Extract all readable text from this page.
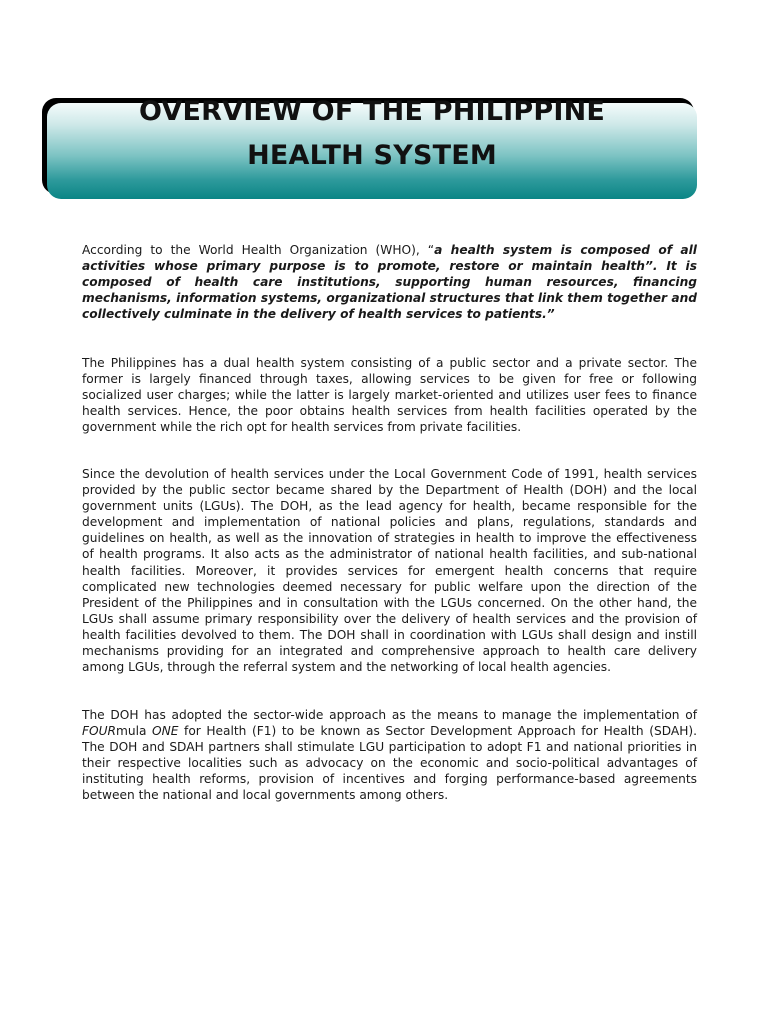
OVERVIEW OF THE PHILIPPINE
HEALTH SYSTEM

According to the World Health Organization (WHO), “a health system is composed of all activities whose primary purpose is to promote, restore or maintain health”. It is composed of health care institutions, supporting human resources, financing mechanisms, information systems, organizational structures that link them together and collectively culminate in the delivery of health services to patients.”

The Philippines has a dual health system consisting of a public sector and a private sector. The former is largely financed through taxes, allowing services to be given for free or following socialized user charges; while the latter is largely market-oriented and utilizes user fees to finance health services. Hence, the poor obtains health services from health facilities operated by the government while the rich opt for health services from private facilities.

Since the devolution of health services under the Local Government Code of 1991, health services provided by the public sector became shared by the Department of Health (DOH) and the local government units (LGUs). The DOH, as the lead agency for health, became responsible for the development and implementation of national policies and plans, regulations, standards and guidelines on health, as well as the innovation of strategies in health to improve the effectiveness of health programs. It also acts as the administrator of national health facilities, and sub-national health facilities. Moreover, it provides services for emergent health concerns that require complicated new technologies deemed necessary for public welfare upon the direction of the President of the Philippines and in consultation with the LGUs concerned. On the other hand, the LGUs shall assume primary responsibility over the delivery of health services and the provision of health facilities devolved to them. The DOH shall in coordination with LGUs shall design and instill mechanisms providing for an integrated and comprehensive approach to health care delivery among LGUs, through the referral system and the networking of local health agencies.

The DOH has adopted the sector-wide approach as the means to manage the implementation of FOURmula ONE for Health (F1) to be known as Sector Development Approach for Health (SDAH). The DOH and SDAH partners shall stimulate LGU participation to adopt F1 and national priorities in their respective localities such as advocacy on the economic and socio-political advantages of instituting health reforms, provision of incentives and forging performance-based agreements between the national and local governments among others.
